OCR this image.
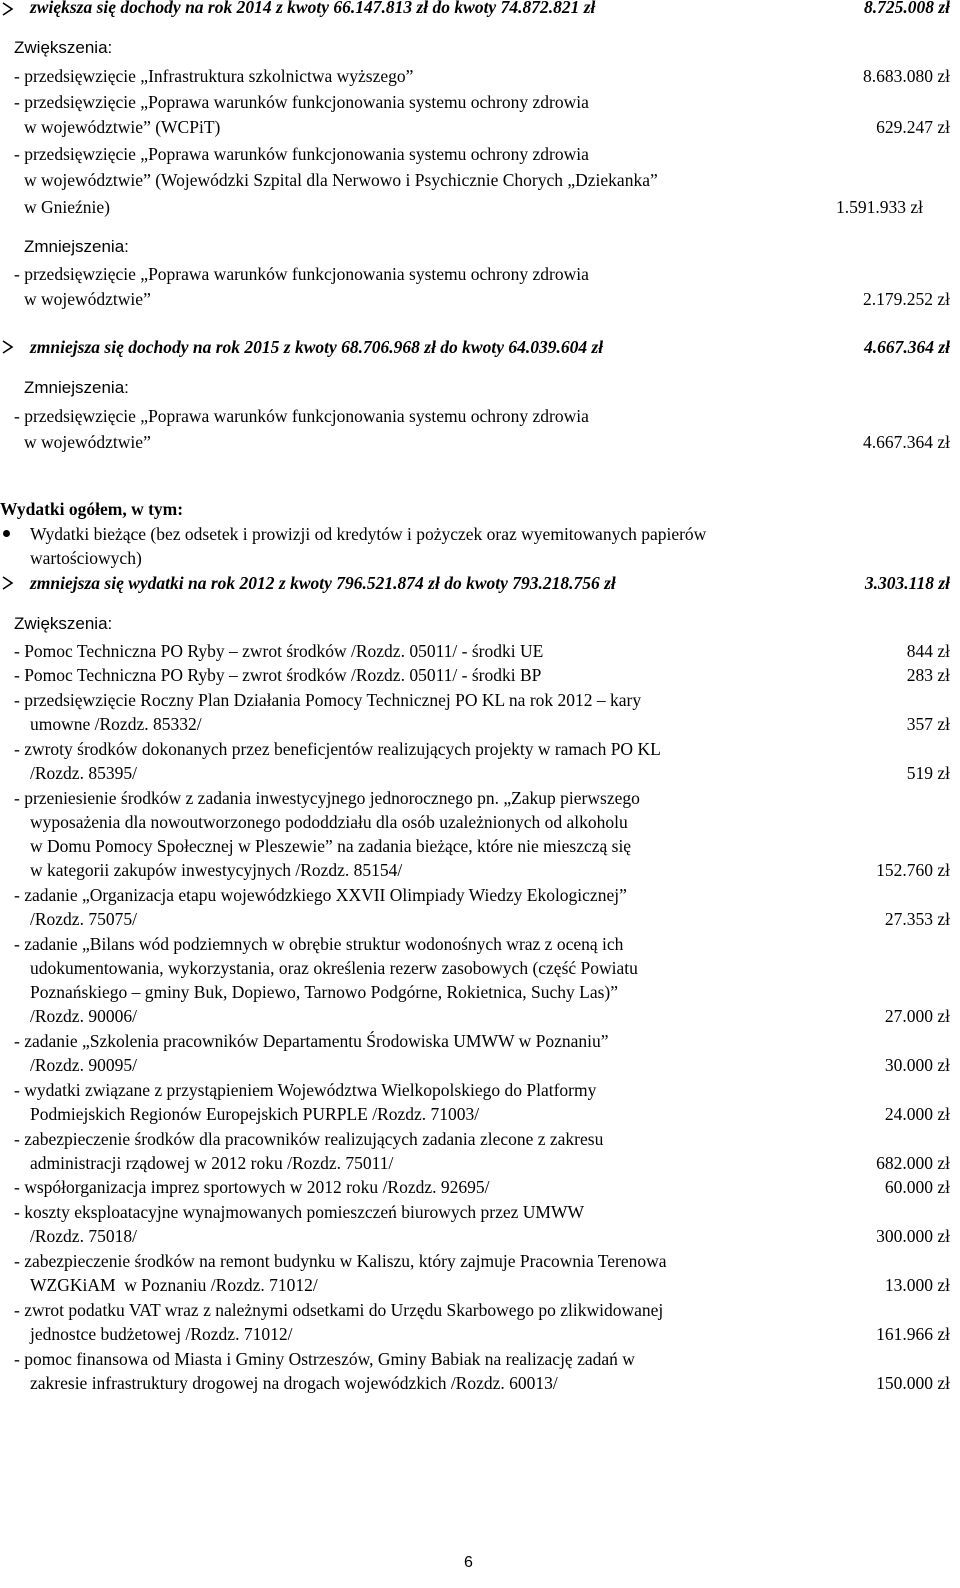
zwiększa się dochody na rok 2014 z kwoty 66.147.813 zł do kwoty 74.872.821 zł	8.725.008 zł
Zwiększenia:
- przedsięwzięcie „Infrastruktura szkolnictwa wyższego”	8.683.080 zł
- przedsięwzięcie „Poprawa warunków funkcjonowania systemu ochrony zdrowia
w województwie” (WCPiT)	629.247 zł
- przedsięwzięcie „Poprawa warunków funkcjonowania systemu ochrony zdrowia
w województwie” (Wojewódzki Szpital dla Nerwowo i Psychicznie Chorych „Dziekanka”
w Gnieźnie)	1.591.933 zł
Zmniejszenia:
- przedsięwzięcie „Poprawa warunków funkcjonowania systemu ochrony zdrowia
w województwie”	2.179.252 zł
zmniejsza się dochody na rok 2015 z kwoty 68.706.968 zł do kwoty 64.039.604 zł	4.667.364 zł
Zmniejszenia:
- przedsięwzięcie „Poprawa warunków funkcjonowania systemu ochrony zdrowia
w województwie”	4.667.364 zł
Wydatki ogółem, w tym:
Wydatki bieżące (bez odsetek i prowizji od kredytów i pożyczek oraz wyemitowanych papierów
wartościowych)
zmniejsza się wydatki na rok 2012 z kwoty 796.521.874 zł do kwoty 793.218.756 zł	3.303.118 zł
Zwiększenia:
- Pomoc Techniczna PO Ryby – zwrot środków /Rozdz. 05011/ - środki UE	844 zł
- Pomoc Techniczna PO Ryby – zwrot środków /Rozdz. 05011/ - środki BP	283 zł
- przedsięwzięcie Roczny Plan Działania Pomocy Technicznej PO KL na rok 2012 – kary
umowne /Rozdz. 85332/	357 zł
- zwroty środków dokonanych przez beneficjentów realizujących projekty w ramach PO KL
/Rozdz. 85395/	519 zł
- przeniesienie środków z zadania inwestycyjnego jednorocznego pn. „Zakup pierwszego
wyposażenia dla nowoutworzonego pododdziału dla osób uzależnionych od alkoholu
w Domu Pomocy Społecznej w Pleszewie” na zadania bieżące, które nie mieszczą się
w kategorii zakupów inwestycyjnych /Rozdz. 85154/	152.760 zł
- zadanie „Organizacja etapu wojewódzkiego XXVII Olimpiady Wiedzy Ekologicznej”
/Rozdz. 75075/	27.353 zł
- zadanie „Bilans wód podziemnych w obrębie struktur wodonośnych wraz z oceną ich
udokumentowania, wykorzystania, oraz określenia rezerw zasobowych (część Powiatu
Poznańskiego – gminy Buk, Dopiewo, Tarnowo Podgórne, Rokietnica, Suchy Las)”
/Rozdz. 90006/	27.000 zł
- zadanie „Szkolenia pracowników Departamentu Środowiska UMWW w Poznaniu”
/Rozdz. 90095/	30.000 zł
- wydatki związane z przystąpieniem Województwa Wielkopolskiego do Platformy
Podmiejskich Regionów Europejskich PURPLE /Rozdz. 71003/	24.000 zł
- zabezpieczenie środków dla pracowników realizujących zadania zlecone z zakresu
administracji rządowej w 2012 roku /Rozdz. 75011/	682.000 zł
- współorganizacja imprez sportowych w 2012 roku /Rozdz. 92695/	60.000 zł
- koszty eksploatacyjne wynajmowanych pomieszczeń biurowych przez UMWW
/Rozdz. 75018/	300.000 zł
- zabezpieczenie środków na remont budynku w Kaliszu, który zajmuje Pracownia Terenowa
WZGKiAM  w Poznaniu /Rozdz. 71012/	13.000 zł
- zwrot podatku VAT wraz z należnymi odsetkami do Urzędu Skarbowego po zlikwidowanej
jednostce budżetowej /Rozdz. 71012/	161.966 zł
- pomoc finansowa od Miasta i Gminy Ostrzeszów, Gminy Babiak na realizację zadań w
zakresie infrastruktury drogowej na drogach wojewódzkich /Rozdz. 60013/	150.000 zł
6
